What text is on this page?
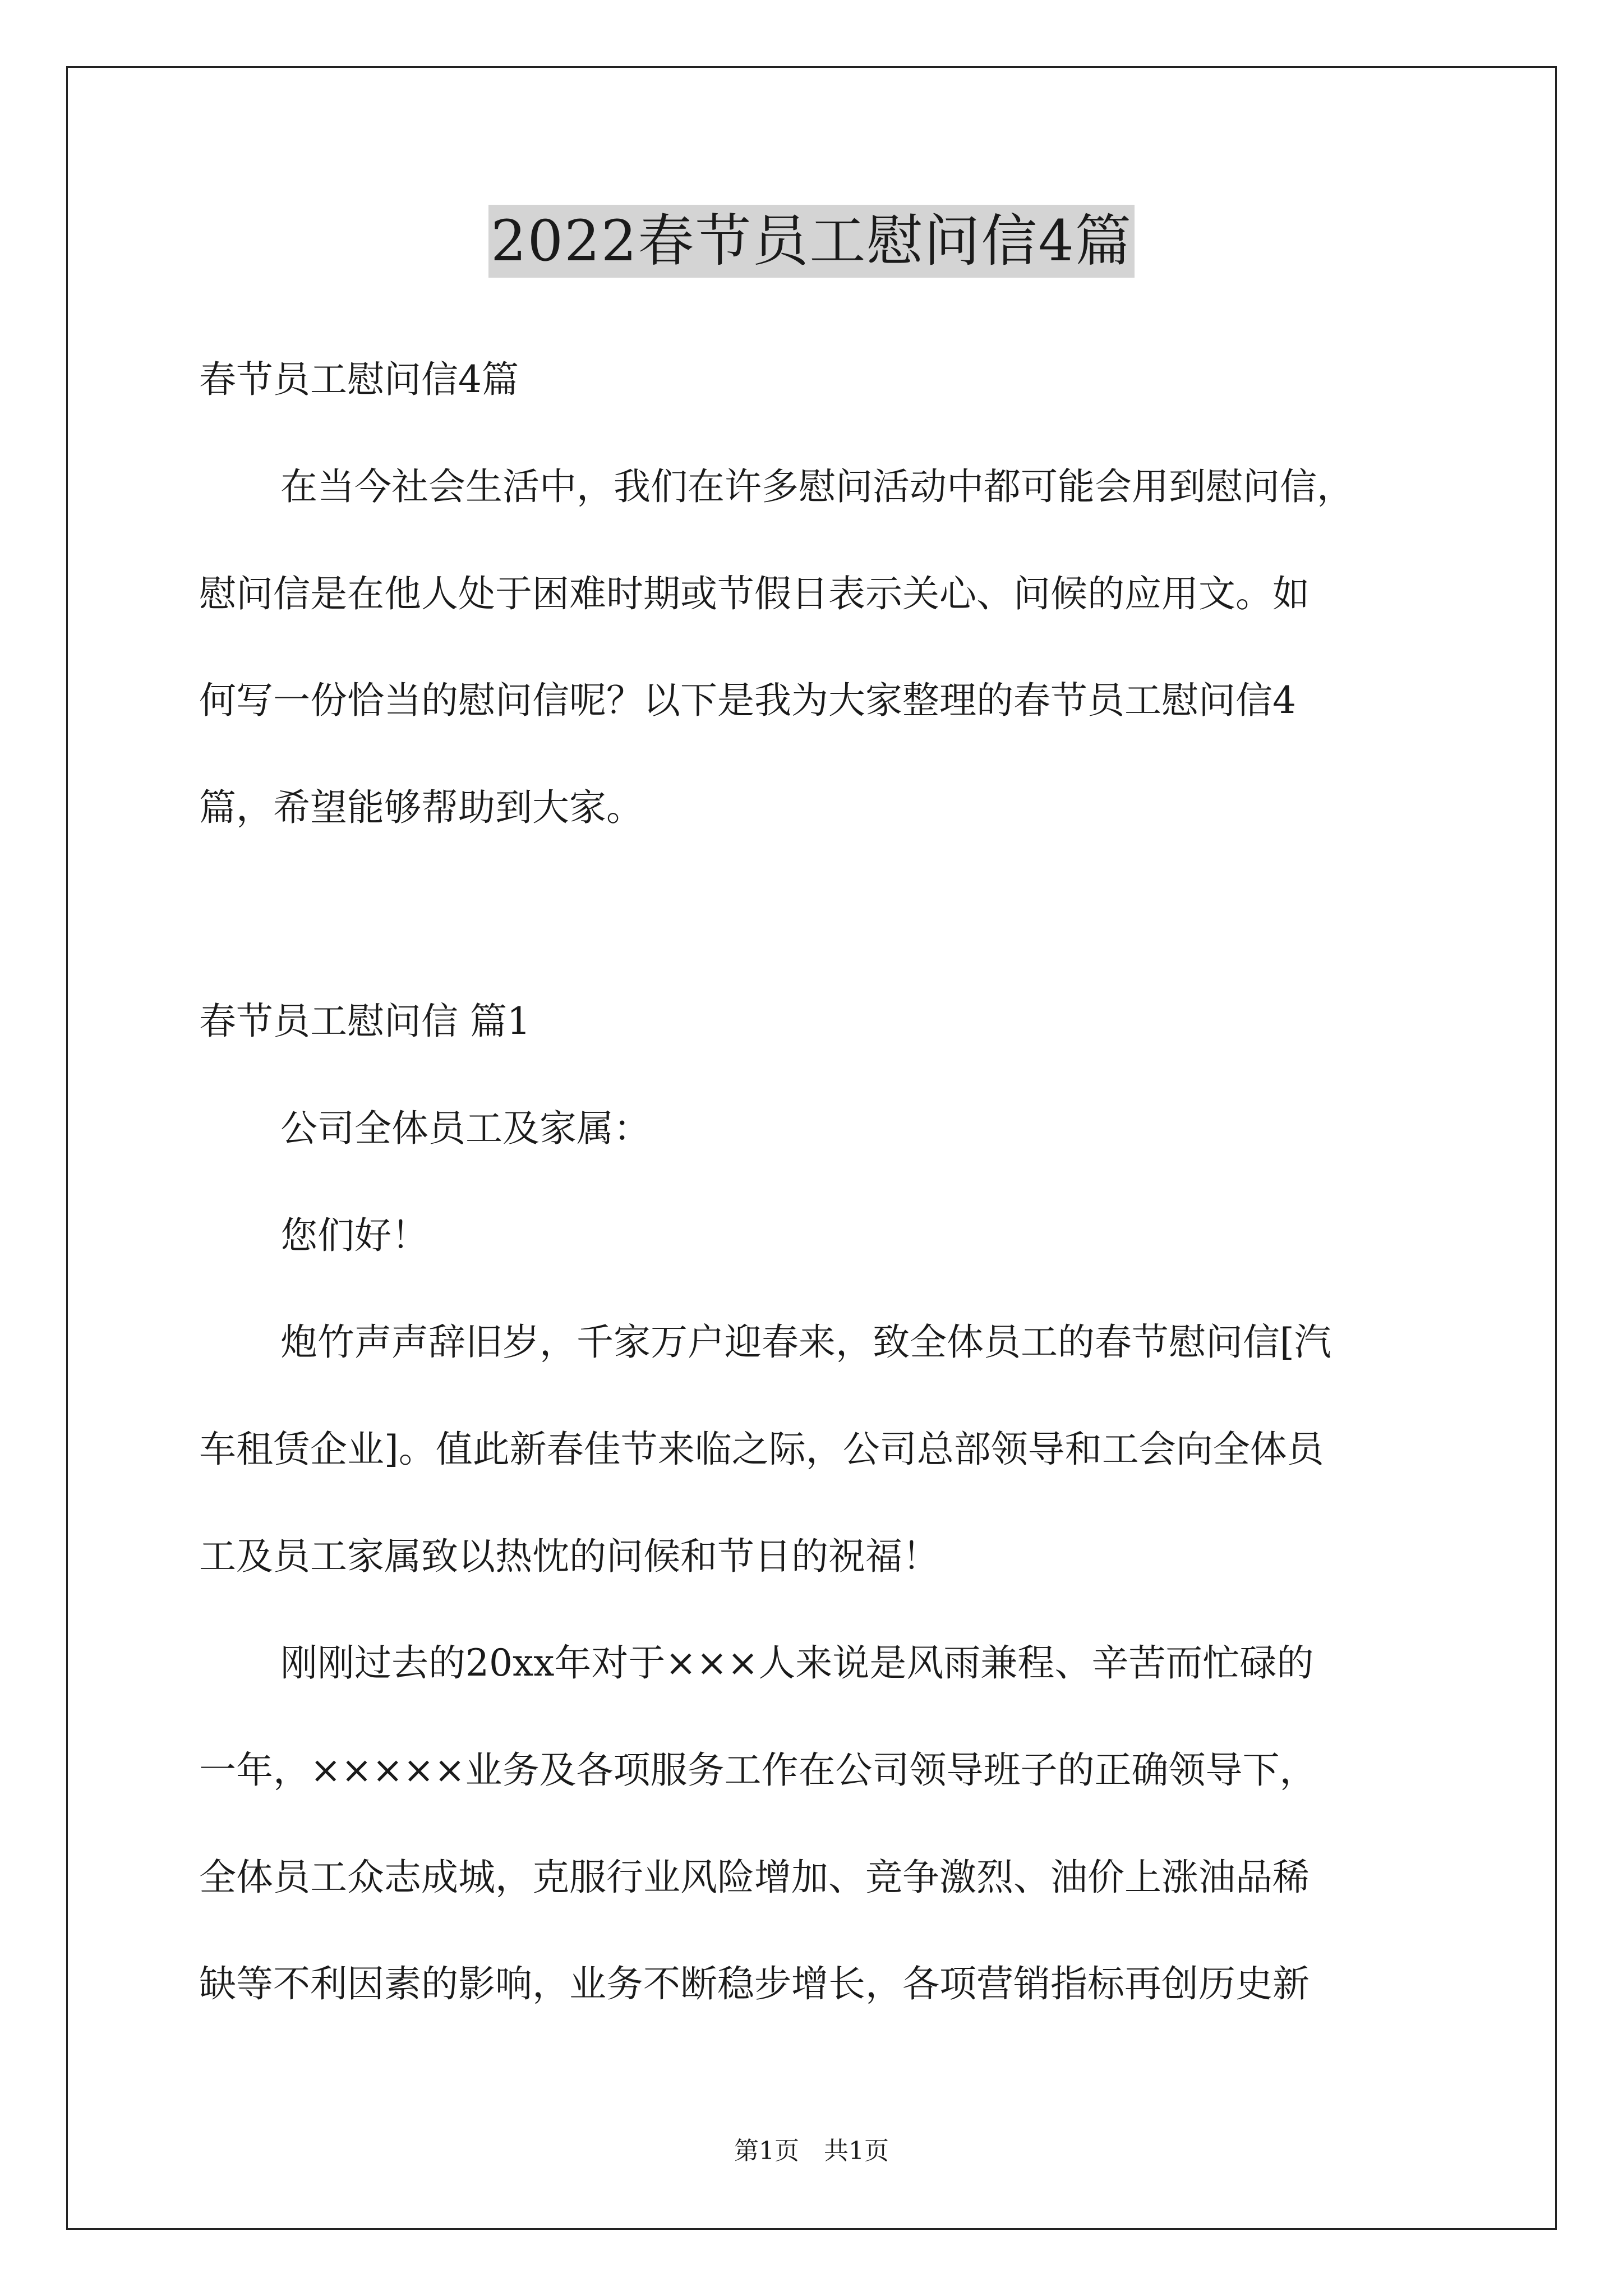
2022春节员工慰问信4篇
春节员工慰问信4篇
在当今社会生活中，我们在许多慰问活动中都可能会用到慰问信，
慰问信是在他人处于困难时期或节假日表示关心、问候的应用文。如
何写一份恰当的慰问信呢？以下是我为大家整理的春节员工慰问信4
篇，希望能够帮助到大家。
春节员工慰问信 篇1
公司全体员工及家属：
您们好！
炮竹声声辞旧岁，千家万户迎春来，致全体员工的春节慰问信[汽
车租赁企业]。值此新春佳节来临之际，公司总部领导和工会向全体员
工及员工家属致以热忱的问候和节日的祝福！
刚刚过去的20xx年对于×××人来说是风雨兼程、辛苦而忙碌的
一年，×××××业务及各项服务工作在公司领导班子的正确领导下，
全体员工众志成城，克服行业风险增加、竞争激烈、油价上涨油品稀
缺等不利因素的影响，业务不断稳步增长，各项营销指标再创历史新
第1页　共1页
